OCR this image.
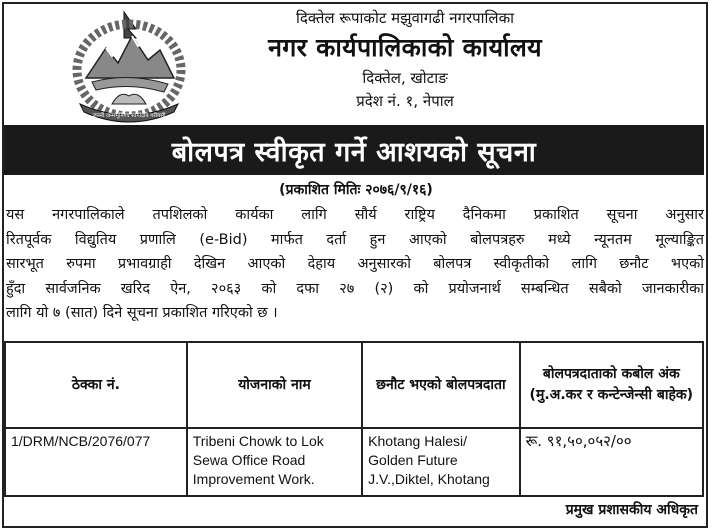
जननी जन्मभूमिश्च स्वर्गादपि गरीयसी
दिक्तेल रूपाकोट मझुवागढी नगरपालिका
नगर कार्यपालिकाको कार्यालय
दिक्तेल, खोटाङ
प्रदेश नं. १, नेपाल
बोलपत्र स्वीकृत गर्ने आशयको सूचना
(प्रकाशित मितिः २०७६/९/१६)
यस नगरपालिकाले तपशिलको कार्यका लागि सौर्य राष्ट्रिय दैनिकमा प्रकाशित सूचना अनुसार
रितपूर्वक विद्युतिय प्रणालि (e-Bid) मार्फत दर्ता हुन आएको बोलपत्रहरु मध्ये न्यूनतम मूल्याङ्कित
सारभूत रुपमा प्रभावग्राही देखिन आएको देहाय अनुसारको बोलपत्र स्वीकृतीको लागि छनौट भएको
हुँदा सार्वजनिक खरिद ऐन, २०६३ को दफा २७ (२) को प्रयोजनार्थ सम्बन्धित सबैको जानकारीका
लागि यो ७ (सात) दिने सूचना प्रकाशित गरिएको छ ।
ठेक्का नं.	योजनाको नाम	छनौट भएको बोलपत्रदाता	बोलपत्रदाताको कबोल अंक (मु.अ.कर र कन्टेन्जेन्सी बाहेक)
1/DRM/NCB/2076/077	Tribeni Chowk to Lok Sewa Office Road Improvement Work.	Khotang Halesi/ Golden Future J.V.,Diktel, Khotang	रू. ९१,५०,०५२/००
प्रमुख प्रशासकीय अधिकृत
